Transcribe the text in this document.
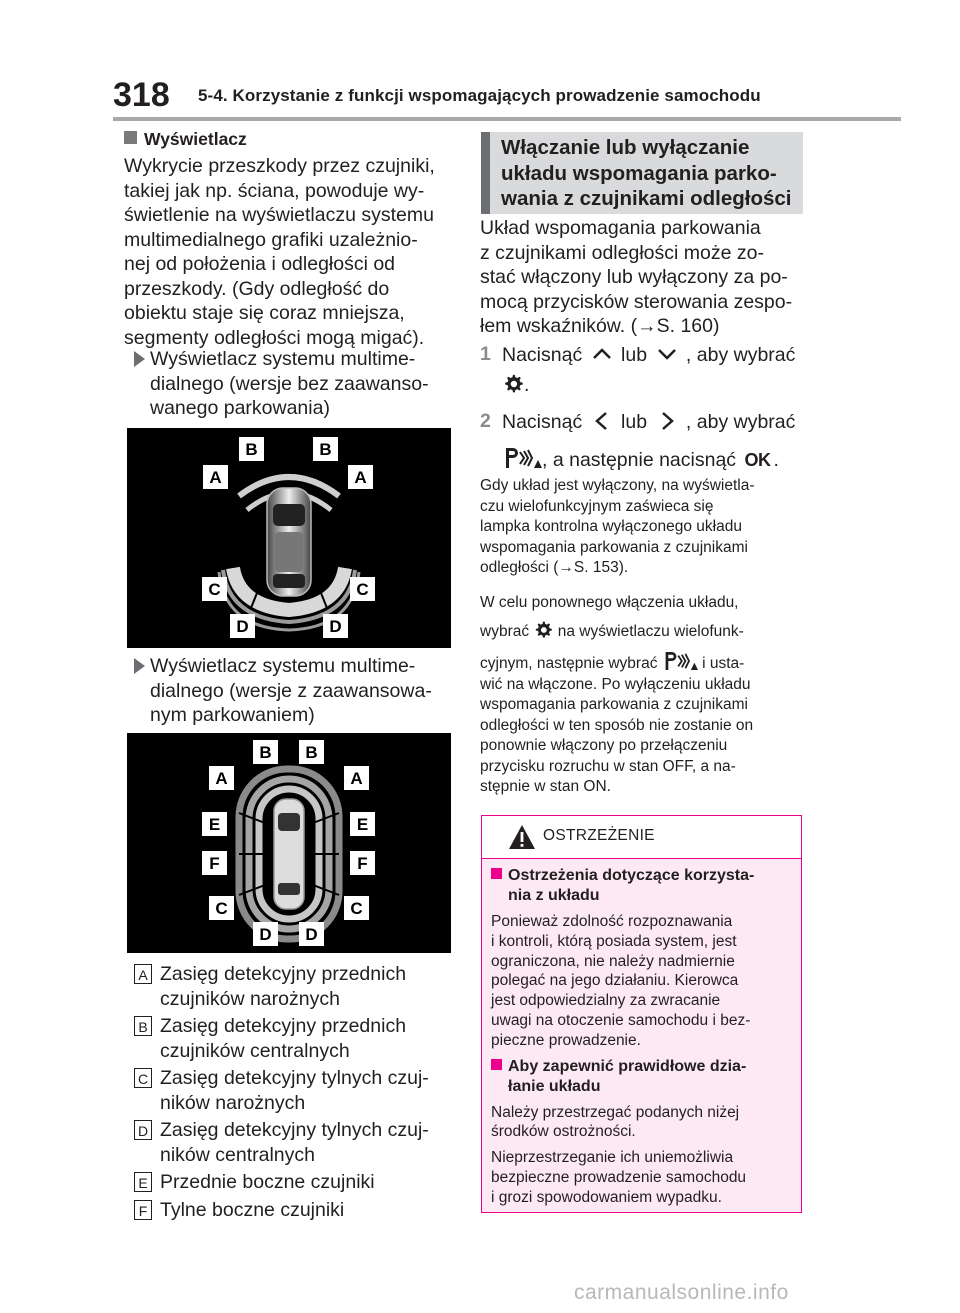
318 5-4. Korzystanie z funkcji wspomagających prowadzenie samochodu
Wyświetlacz

Wykrycie przeszkody przez czujniki,

takiej jak np. ściana, powoduje wy-

świetlenie na wyświetlaczu systemu

multimedialnego grafiki uzależnio-

nej od położenia i odległości od

przeszkody. (Gdy odległość do

obiektu staje się coraz mniejsza,

segmenty odległości mogą migać).

Wyświetlacz systemu multime-

dialnego (wersje bez zaawanso-

wanego parkowania)

B	B
A	A
C	C
D	D

Wyświetlacz systemu multime-

dialnego (wersje z zaawansowa-

nym parkowaniem)

B B
A	A
E	E
F	F
C	C
D D
A Zasięg detekcyjny przednich
czujników narożnych
B Zasięg detekcyjny przednich
czujników centralnych
C Zasięg detekcyjny tylnych czuj-
ników narożnych
D Zasięg detekcyjny tylnych czuj-
ników centralnych
E Przednie boczne czujniki
F Tylne boczne czujniki
Włączanie lub wyłączanie
układu wspomagania parko-
wania z czujnikami odległości

Układ wspomagania parkowania

z czujnikami odległości może zo-

stać włączony lub wyłączony za po-

mocą przycisków sterowania zespo-

łem wskaźników. (→S. 160)

1 Nacisnąć lub , aby wybrać
.
2 Nacisnąć lub , aby wybrać
, a następnie nacisnąć OK .

Gdy układ jest wyłączony, na wyświetla-

czu wielofunkcyjnym zaświeca się

lampka kontrolna wyłączonego układu

wspomagania parkowania z czujnikami

odległości (→S. 153).

W celu ponownego włączenia układu,

wybrać na wyświetlaczu wielofunk-

cyjnym, następnie wybrać	i usta-

wić na włączone. Po wyłączeniu układu

wspomagania parkowania z czujnikami

odległości w ten sposób nie zostanie on

ponownie włączony po przełączeniu

przycisku rozruchu w stan OFF, a na-

stępnie w stan ON.

OSTRZEŻENIE
Ostrzeżenia dotyczące korzysta-
nia z układu

Ponieważ zdolność rozpoznawania

i kontroli, którą posiada system, jest

ograniczona, nie należy nadmiernie

polegać na jego działaniu. Kierowca

jest odpowiedzialny za zwracanie

uwagi na otoczenie samochodu i bez-

pieczne prowadzenie.

Aby zapewnić prawidłowe dzia-
łanie układu

Należy przestrzegać podanych niżej

środków ostrożności.

Nieprzestrzeganie ich uniemożliwia

bezpieczne prowadzenie samochodu

i grozi spowodowaniem wypadku.

carmanualsonline.info
